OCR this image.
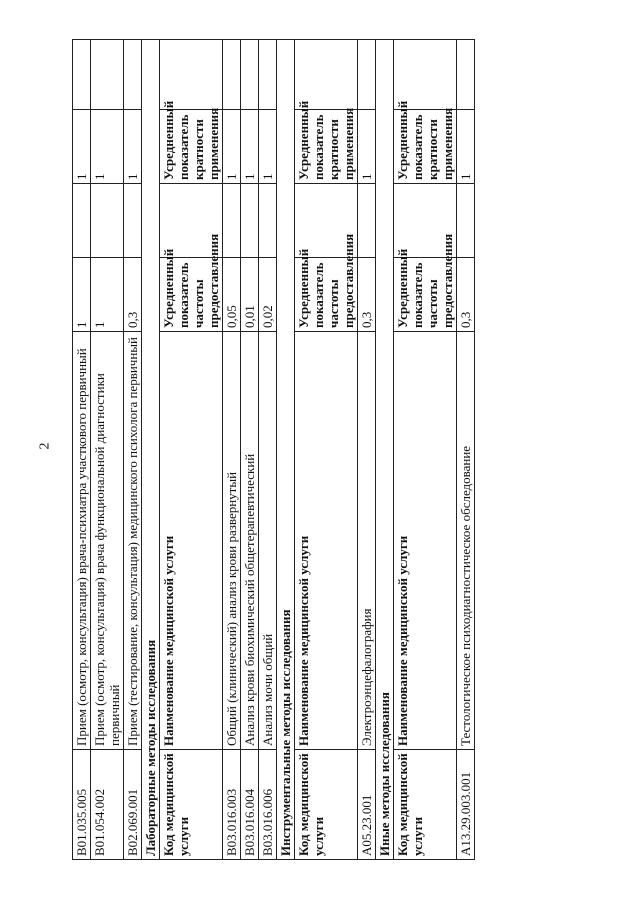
2
В01.035.005	Прием (осмотр, консультация) врача-психиатра участкового первичный	1		1	
В01.054.002	Прием (осмотр, консультация) врача функциональной диагностики первичный	1		1	
В02.069.001	Прием (тестирование, консультация) медицинского психолога первичный	0,3		1	
Лабораторные методы исследования					
Код медицинской услуги	Наименование медицинской услуги	Усредненный показатель частоты предоставления		Усредненный показатель кратности применения	
В03.016.003	Общий (клинический) анализ крови развернутый	0,05		1	
В03.016.004	Анализ крови биохимический общетерапевтический	0,01		1	
В03.016.006	Анализ мочи общий	0,02		1	
Инструментальные методы исследования					
Код медицинской услуги	Наименование медицинской услуги	Усредненный показатель частоты предоставления		Усредненный показатель кратности применения	
А05.23.001	Электроэнцефалография	0,3		1	
Иные методы исследования					
Код медицинской услуги	Наименование медицинской услуги	Усредненный показатель частоты предоставления		Усредненный показатель кратности применения	
А13.29.003.001	Тестологическое психодиагностическое обследование	0,3		1	
